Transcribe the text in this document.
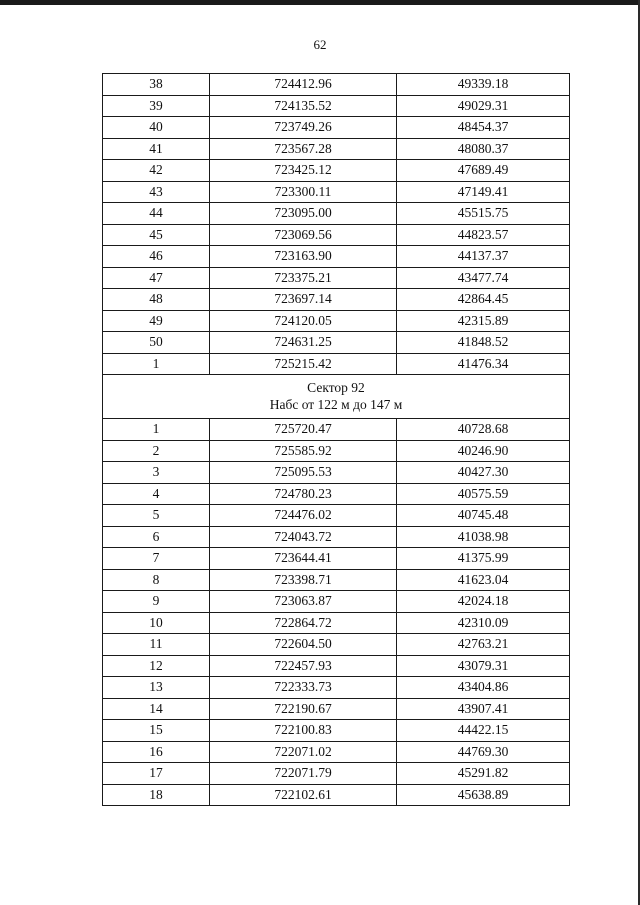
62
38	724412.96	49339.18
39	724135.52	49029.31
40	723749.26	48454.37
41	723567.28	48080.37
42	723425.12	47689.49
43	723300.11	47149.41
44	723095.00	45515.75
45	723069.56	44823.57
46	723163.90	44137.37
47	723375.21	43477.74
48	723697.14	42864.45
49	724120.05	42315.89
50	724631.25	41848.52
1	725215.42	41476.34

Сектор 92
Набс от 122 м до 147 м		

1	725720.47	40728.68
2	725585.92	40246.90
3	725095.53	40427.30
4	724780.23	40575.59
5	724476.02	40745.48
6	724043.72	41038.98
7	723644.41	41375.99
8	723398.71	41623.04
9	723063.87	42024.18
10	722864.72	42310.09
11	722604.50	42763.21
12	722457.93	43079.31
13	722333.73	43404.86
14	722190.67	43907.41
15	722100.83	44422.15
16	722071.02	44769.30
17	722071.79	45291.82
18	722102.61	45638.89
